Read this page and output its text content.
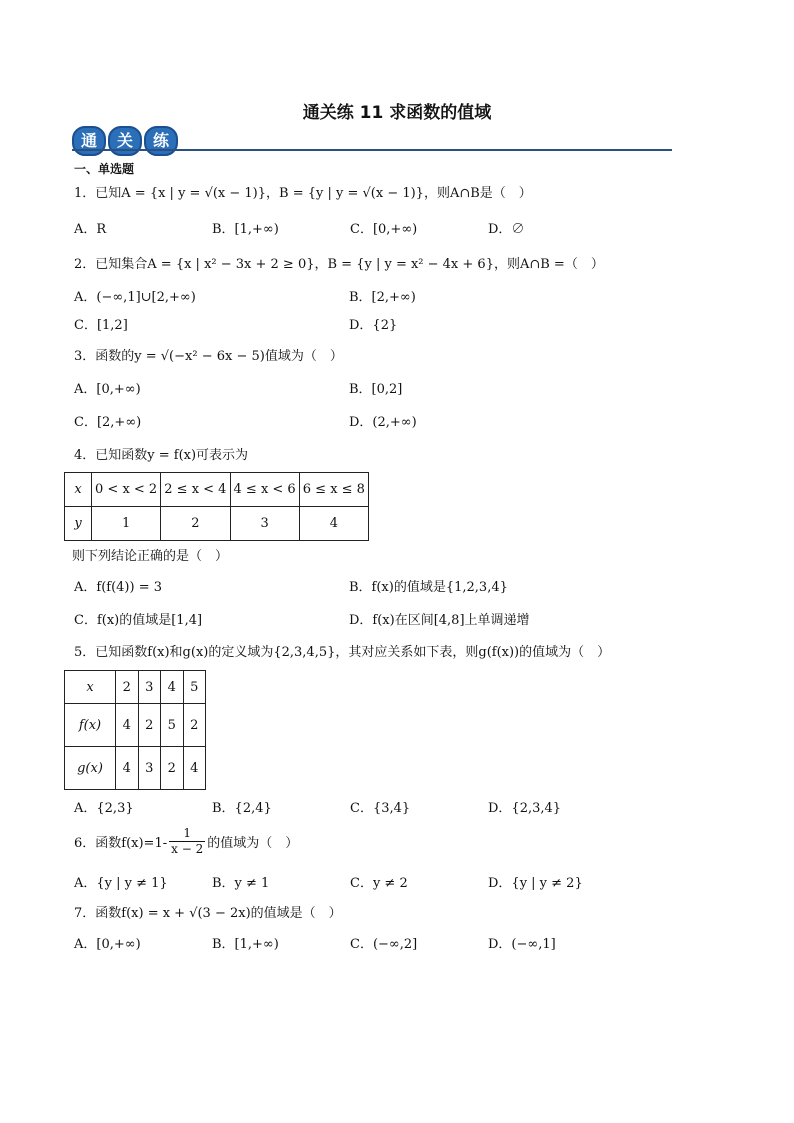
通关练 11 求函数的值域
通	关	练
一、单选题
1．已知A = {x | y = √(x − 1)}，B = {y | y = √(x − 1)}，则A∩B是（　）
A．R	B．[1,+∞)	C．[0,+∞)	D．∅
2．已知集合A = {x | x² − 3x + 2 ≥ 0}，B = {y | y = x² − 4x + 6}，则A∩B =（　）
A．(−∞,1]∪[2,+∞)	B．[2,+∞)
C．[1,2]	D．{2}
3．函数的y = √(−x² − 6x − 5)值域为（　）
A．[0,+∞)	B．[0,2]
C．[2,+∞)	D．(2,+∞)
4．已知函数y = f(x)可表示为
x	0 < x < 2	2 ≤ x < 4	4 ≤ x < 6	6 ≤ x ≤ 8
y	1	2	3	4
则下列结论正确的是（　）
A．f(f(4)) = 3	B．f(x)的值域是{1,2,3,4}
C．f(x)的值域是[1,4]	D．f(x)在区间[4,8]上单调递增
5．已知函数f(x)和g(x)的定义域为{2,3,4,5}，其对应关系如下表，则g(f(x))的值域为（　）
x	2	3	4	5
f(x)	4	2	5	2
g(x)	4	3	2	4
A．{2,3}	B．{2,4}	C．{3,4}	D．{2,3,4}
6．函数$f(x)=1- \frac{1}{x - 2}$ 的值域为（　）
A．{y | y ≠ 1}	B．y ≠ 1	C．y ≠ 2	D．{y | y ≠ 2}
7．函数f(x) = x + √(3 − 2x)的值域是（　）
A．[0,+∞)	B．[1,+∞)	C．(−∞,2]	D．(−∞,1]
